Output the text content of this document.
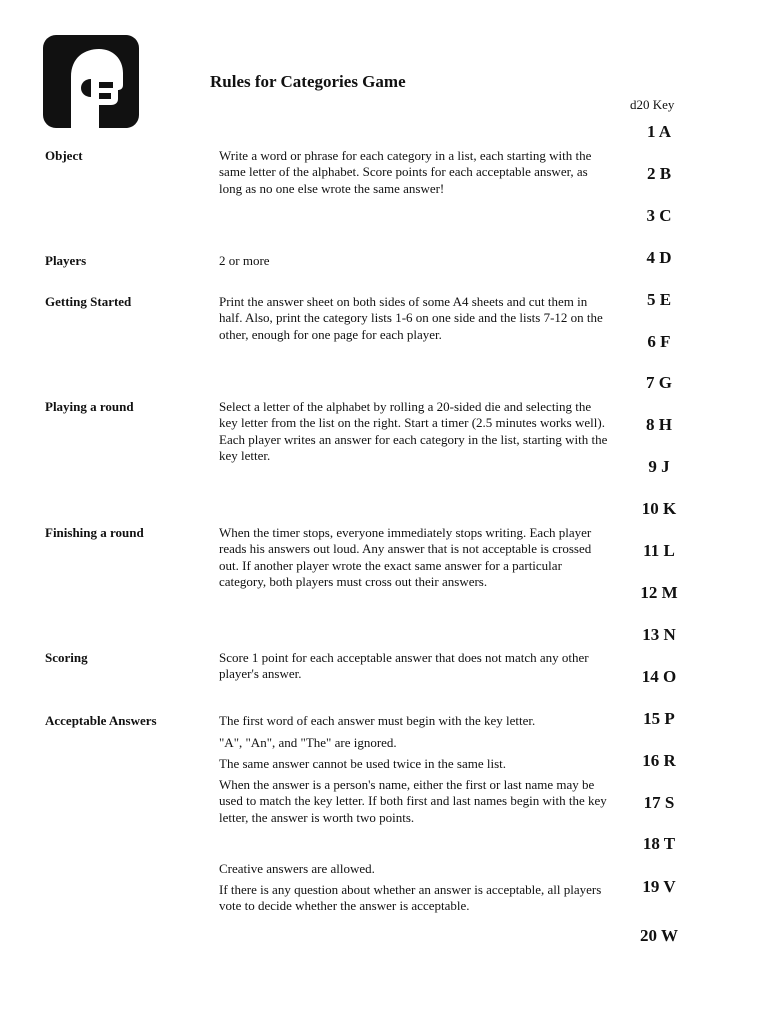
Rules for Categories Game
d20 Key
1 A
2 B
3 C
4 D
5 E
6 F
7 G
8 H
9 J
10 K
11 L
12 M
13 N
14 O
15 P
16 R
17 S
18 T
19 V
20 W
Object	Write a word or phrase for each category in a list, each starting with the same letter of the alphabet. Score points for each acceptable answer, as long as no one else wrote the same answer!
Players	2 or more
Getting Started	Print the answer sheet on both sides of some A4 sheets and cut them in half. Also, print the category lists 1-6 on one side and the lists 7-12 on the other, enough for one page for each player.
Playing a round	Select a letter of the alphabet by rolling a 20-sided die and selecting the key letter from the list on the right. Start a timer (2.5 minutes works well). Each player writes an answer for each category in the list, starting with the key letter.
Finishing a round	When the timer stops, everyone immediately stops writing. Each player reads his answers out loud. Any answer that is not acceptable is crossed out. If another player wrote the exact same answer for a particular category, both players must cross out their answers.
Scoring	Score 1 point for each acceptable answer that does not match any other player's answer.
Acceptable Answers	The first word of each answer must begin with the key letter.
"A", "An", and "The" are ignored.
The same answer cannot be used twice in the same list.
When the answer is a person's name, either the first or last name may be used to match the key letter. If both first and last names begin with the key letter, the answer is worth two points.
Creative answers are allowed.
If there is any question about whether an answer is acceptable, all players vote to decide whether the answer is acceptable.
